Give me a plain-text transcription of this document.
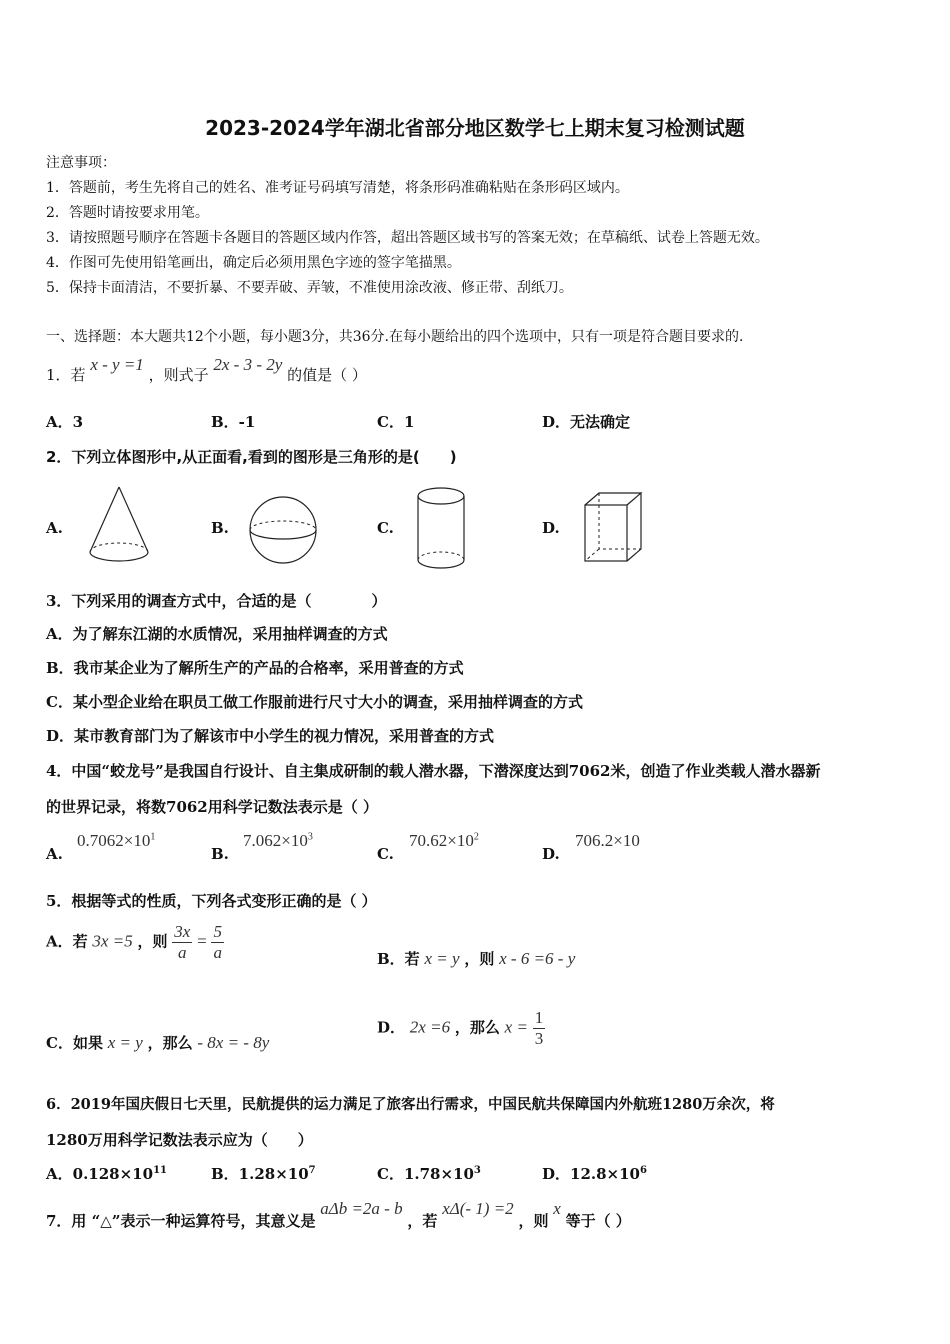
2023-2024学年湖北省部分地区数学七上期末复习检测试题
注意事项：
1．答题前，考生先将自己的姓名、准考证号码填写清楚，将条形码准确粘贴在条形码区域内。
2．答题时请按要求用笔。
3．请按照题号顺序在答题卡各题目的答题区域内作答，超出答题区域书写的答案无效；在草稿纸、试卷上答题无效。
4．作图可先使用铅笔画出，确定后必须用黑色字迹的签字笔描黑。
5．保持卡面清洁，不要折暴、不要弄破、弄皱，不准使用涂改液、修正带、刮纸刀。
一、选择题：本大题共12个小题，每小题3分，共36分.在每小题给出的四个选项中，只有一项是符合题目要求的.
1．若 x - y =1 ，则式子 2x - 3 - 2y 的值是（ ）
A．3	B．-1	C．1	D．无法确定
2．下列立体图形中,从正面看,看到的图形是三角形的是(　　)
A.	B.	C.	D.
3．下列采用的调查方式中，合适的是（　　　　）
A．为了解东江湖的水质情况，采用抽样调查的方式
B．我市某企业为了解所生产的产品的合格率，采用普查的方式
C．某小型企业给在职员工做工作服前进行尺寸大小的调查，采用抽样调查的方式
D．某市教育部门为了解该市中小学生的视力情况，采用普查的方式
4．中国“蛟龙号”是我国自行设计、自主集成研制的载人潜水器，下潜深度达到7062米，创造了作业类载人潜水器新
的世界记录，将数7062用科学记数法表示是（ ）
A.
$0.7062\times 10^1$
B.
$7.062\times 10^3$
C.
$70.62\times 10^2$
D.
706.2×10
5．根据等式的性质，下列各式变形正确的是（ ）
A．若 3x =5 ，则 $\frac{3x}{a} = \frac{5}{a}$	B．若 x = y ，则 x - 6 =6 - y
C．如果 x = y ，那么 - 8x = - 8y
D． 2x =6 ，那么 $x = \frac{1}{3}$
6．2019年国庆假日七天里，民航提供的运力满足了旅客出行需求，中国民航共保障国内外航班1280万余次，将
1280万用科学记数法表示应为（　　）
A．$0.128\times 10^{11}$	B．$1.28\times 10^7$	C．$1.78\times 10^3$	D．$12.8\times 10^6$
7．用 “△”表示一种运算符号，其意义是 aΔb =2a - b ，若 xΔ(- 1) =2 ，则 x 等于（ ）
